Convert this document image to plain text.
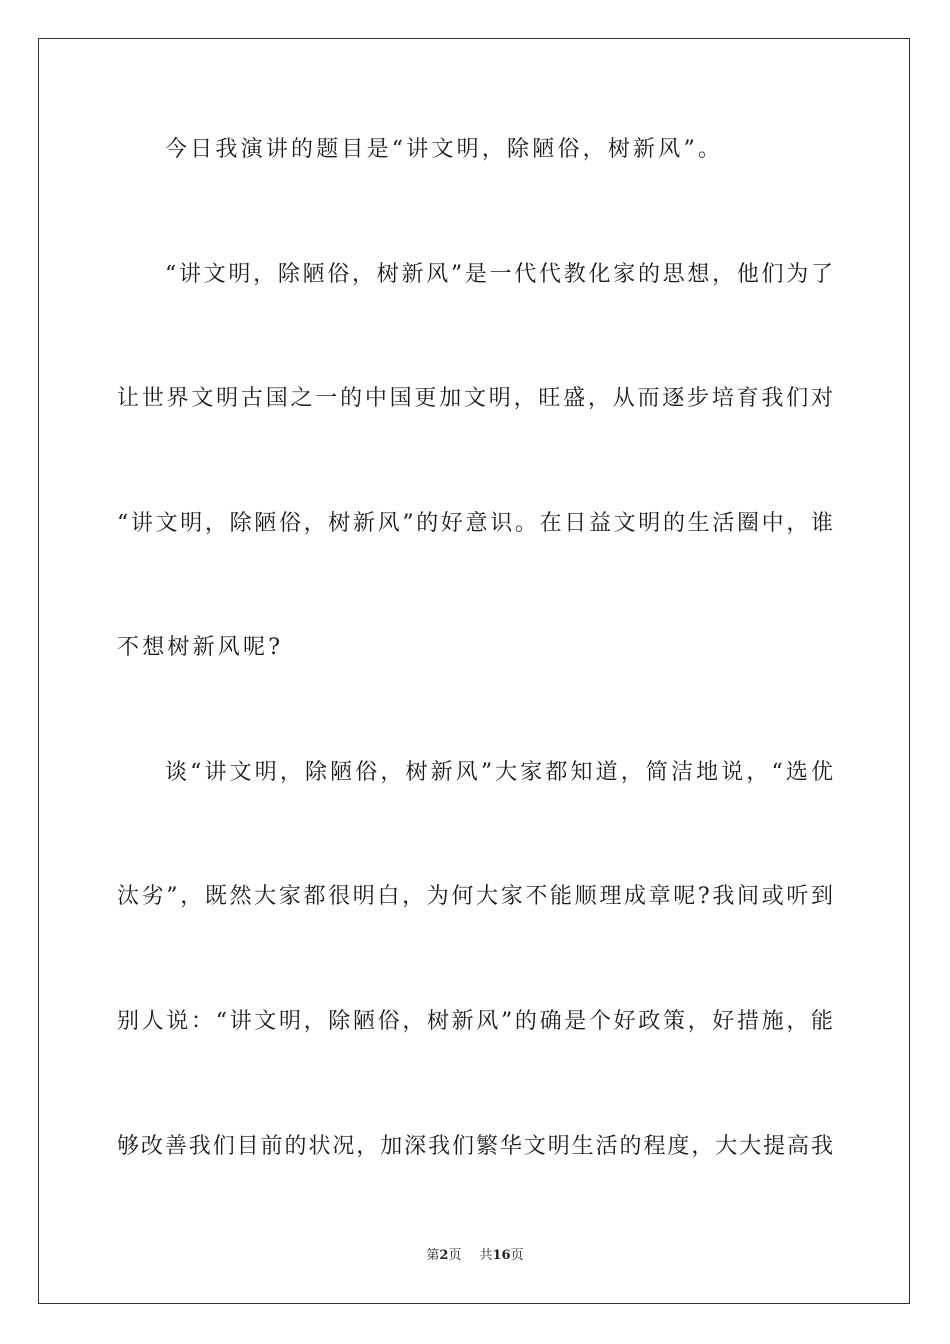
今日我演讲的题目是“讲文明，除陋俗，树新风”。
“讲文明，除陋俗，树新风”是一代代教化家的思想，他们为了
让世界文明古国之一的中国更加文明，旺盛，从而逐步培育我们对
“讲文明，除陋俗，树新风”的好意识。在日益文明的生活圈中，谁
不想树新风呢?
谈“讲文明，除陋俗，树新风”大家都知道，简洁地说，“选优
汰劣”，既然大家都很明白，为何大家不能顺理成章呢?我间或听到
别人说：“讲文明，除陋俗，树新风”的确是个好政策，好措施，能
够改善我们目前的状况，加深我们繁华文明生活的程度，大大提高我
第2页 共16页
